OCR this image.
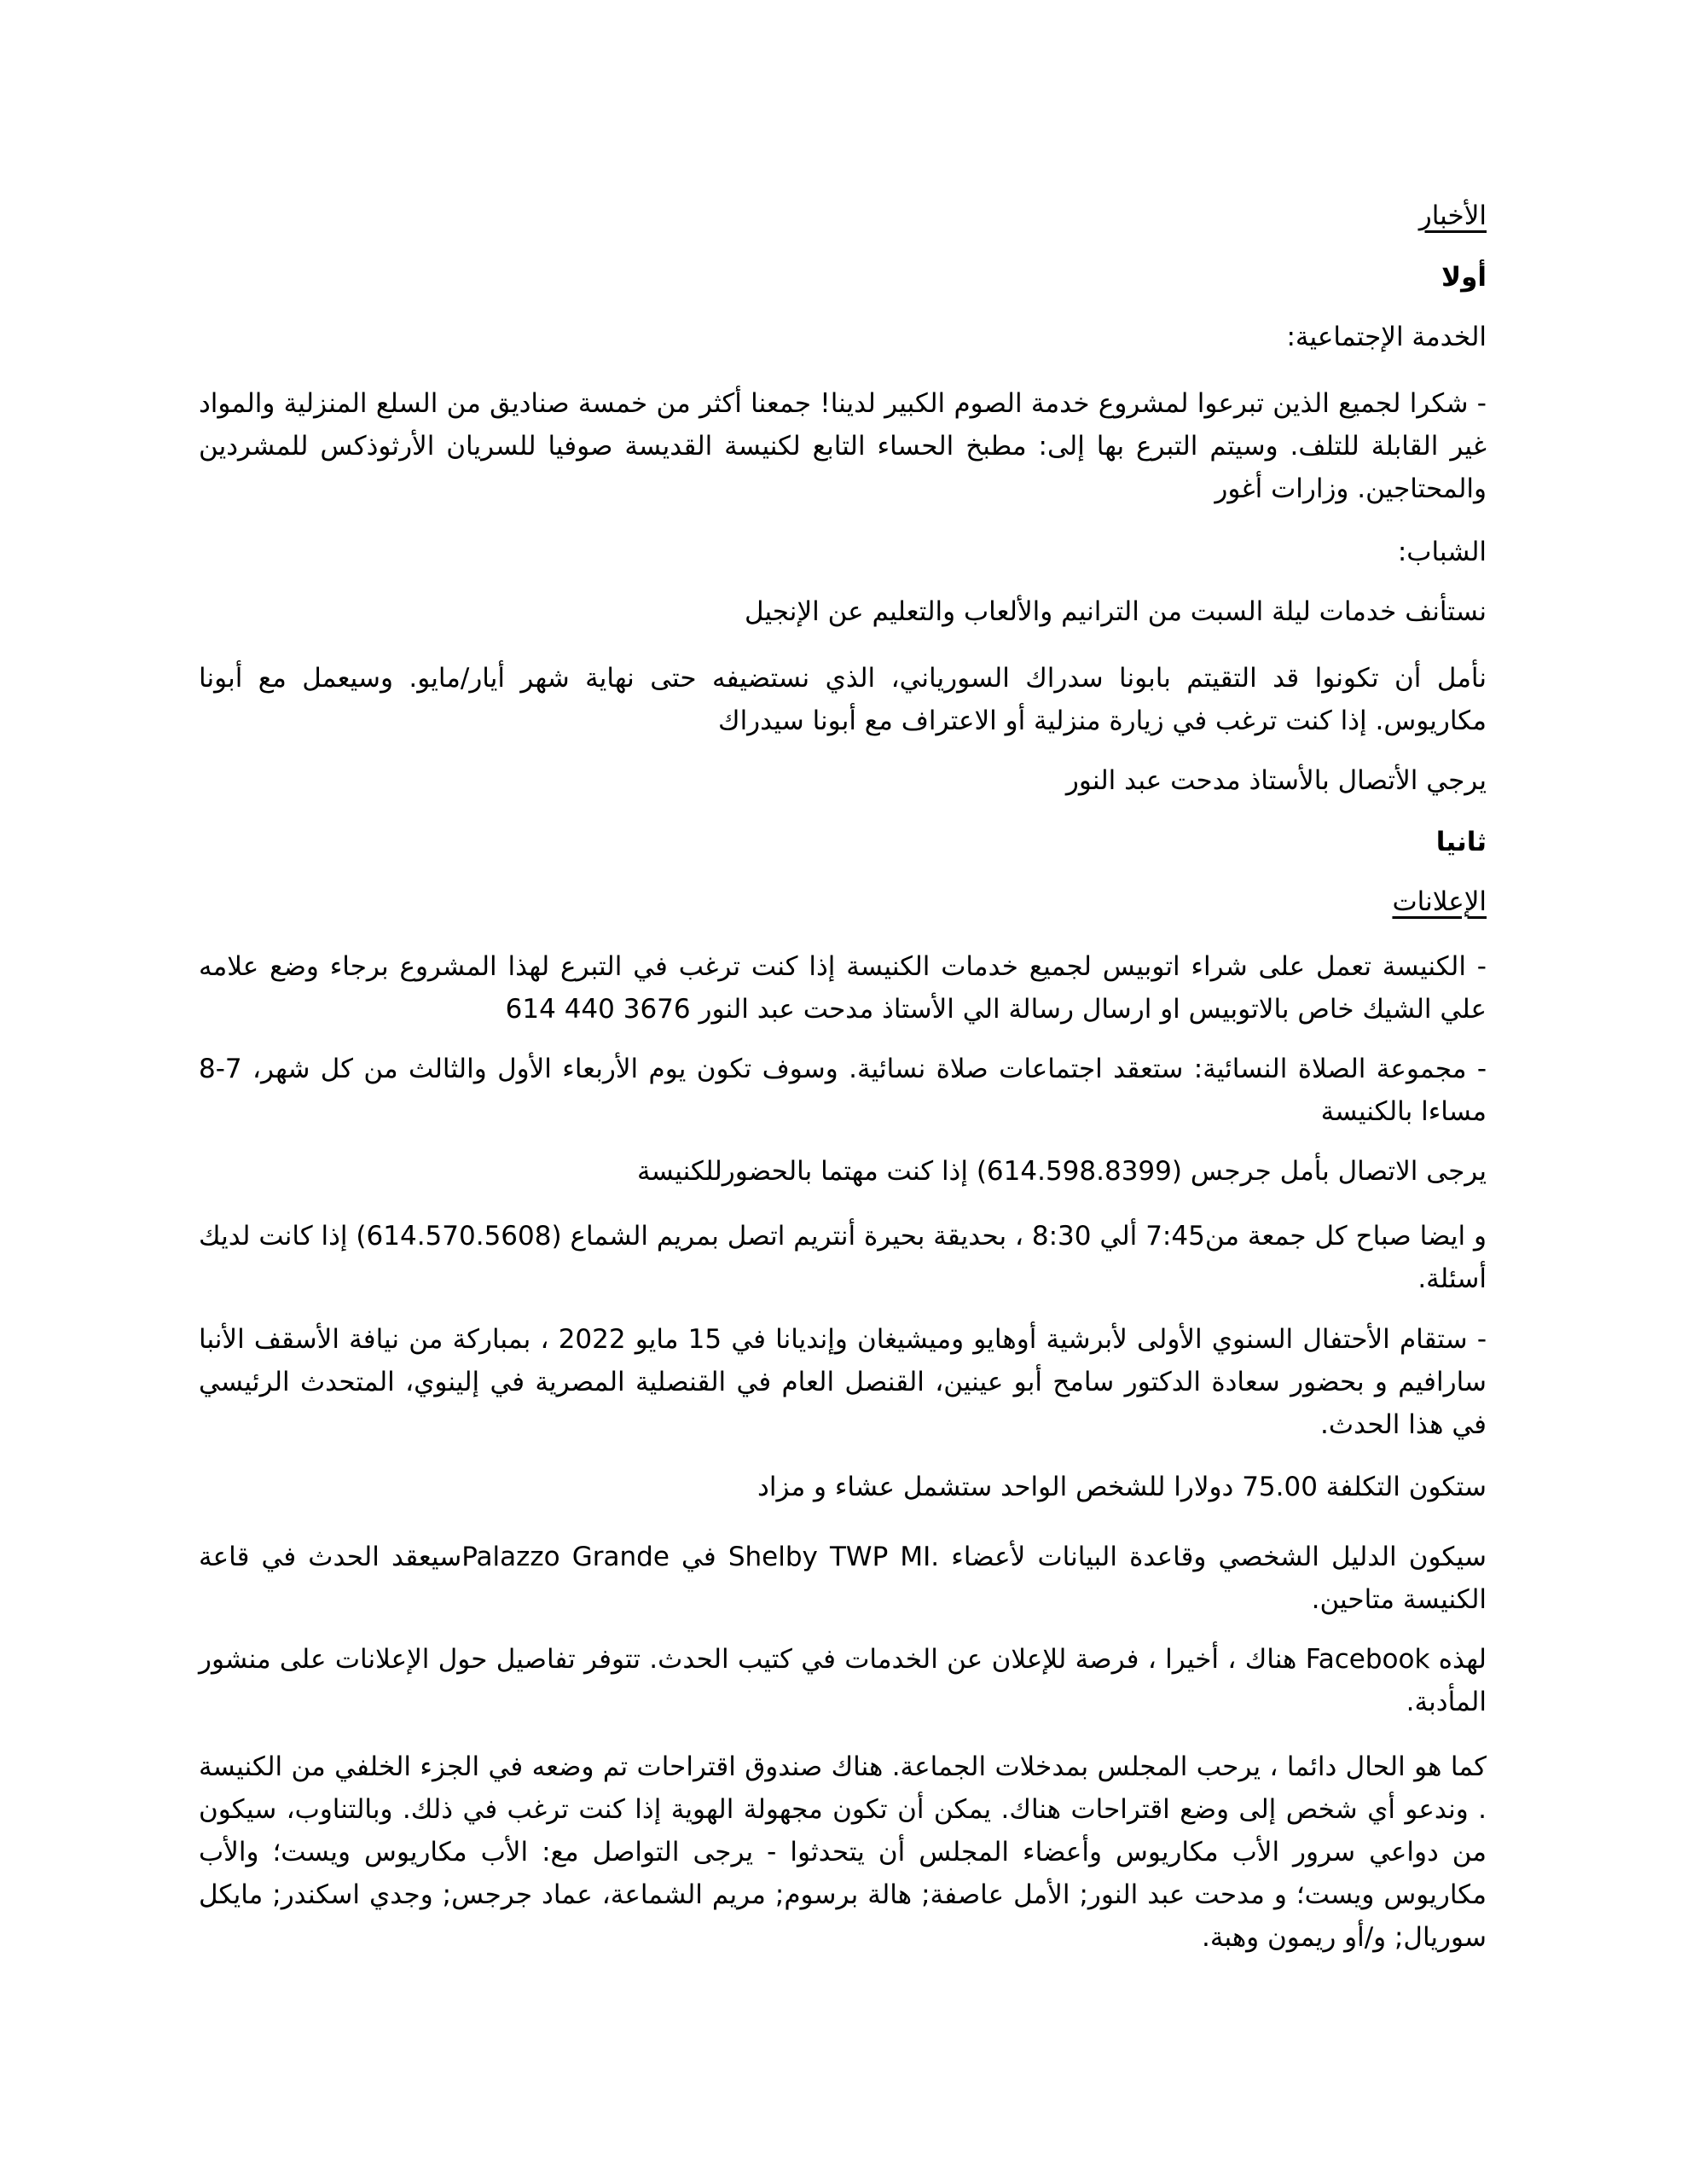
الأخبار
أولا
الخدمة الإجتماعية:
- شكرا لجميع الذين تبرعوا لمشروع خدمة الصوم الكبير لدينا! جمعنا أكثر من خمسة صناديق من السلع المنزلية والمواد غير القابلة للتلف. وسيتم التبرع بها إلى: مطبخ الحساء التابع لكنيسة القديسة صوفيا للسريان الأرثوذكس للمشردين والمحتاجين. وزارات أغور
الشباب:
نستأنف خدمات ليلة السبت من الترانيم والألعاب والتعليم عن الإنجيل
نأمل أن تكونوا قد التقيتم بابونا سدراك السورياني، الذي نستضيفه حتى نهاية شهر أيار/مايو. وسيعمل مع أبونا مكاريوس. إذا كنت ترغب في زيارة منزلية أو الاعتراف مع أبونا سيدراك
يرجي الأتصال بالأستاذ مدحت عبد النور
ثانيا
الإعلانات
- الكنيسة تعمل على شراء اتوبيس لجميع خدمات الكنيسة إذا كنت ترغب في التبرع لهذا المشروع برجاء وضع علامه علي الشيك خاص بالاتوبيس او ارسال رسالة الي الأستاذ مدحت عبد النور 3676 440 614
- مجموعة الصلاة النسائية: ستعقد اجتماعات صلاة نسائية. وسوف تكون يوم الأربعاء الأول والثالث من كل شهر، 7-8 مساءا بالكنيسة
يرجى الاتصال بأمل جرجس (614.598.8399) إذا كنت مهتما بالحضورللكنيسة
و ايضا صباح كل جمعة من7:45 ألي 8:30 ، بحديقة بحيرة أنتريم اتصل بمريم الشماع (614.570.5608) إذا كانت لديك أسئلة.
- ستقام الأحتفال السنوي الأولى لأبرشية أوهايو وميشيغان وإنديانا في 15 مايو 2022 ، بمباركة من نيافة الأسقف الأنبا سارافيم و بحضور سعادة الدكتور سامح أبو عينين، القنصل العام في القنصلية المصرية في إلينوي، المتحدث الرئيسي في هذا الحدث.
ستكون التكلفة 75.00 دولارا للشخص الواحد ستشمل عشاء و مزاد
سيكون الدليل الشخصي وقاعدة البيانات لأعضاء .Shelby TWP MI في Palazzo Grandeسيعقد الحدث في قاعة الكنيسة متاحين.
لهذه Facebook هناك ، أخيرا ، فرصة للإعلان عن الخدمات في كتيب الحدث. تتوفر تفاصيل حول الإعلانات على منشور المأدبة.
كما هو الحال دائما ، يرحب المجلس بمدخلات الجماعة. هناك صندوق اقتراحات تم وضعه في الجزء الخلفي من الكنيسة . وندعو أي شخص إلى وضع اقتراحات هناك. يمكن أن تكون مجهولة الهوية إذا كنت ترغب في ذلك. وبالتناوب، سيكون من دواعي سرور الأب مكاريوس وأعضاء المجلس أن يتحدثوا - يرجى التواصل مع: الأب مكاريوس ويست؛ والأب مكاريوس ويست؛ و مدحت عبد النور; الأمل عاصفة; هالة برسوم; مريم الشماعة، عماد جرجس; وجدي اسكندر; مايكل سوريال; و/أو ريمون وهبة.
